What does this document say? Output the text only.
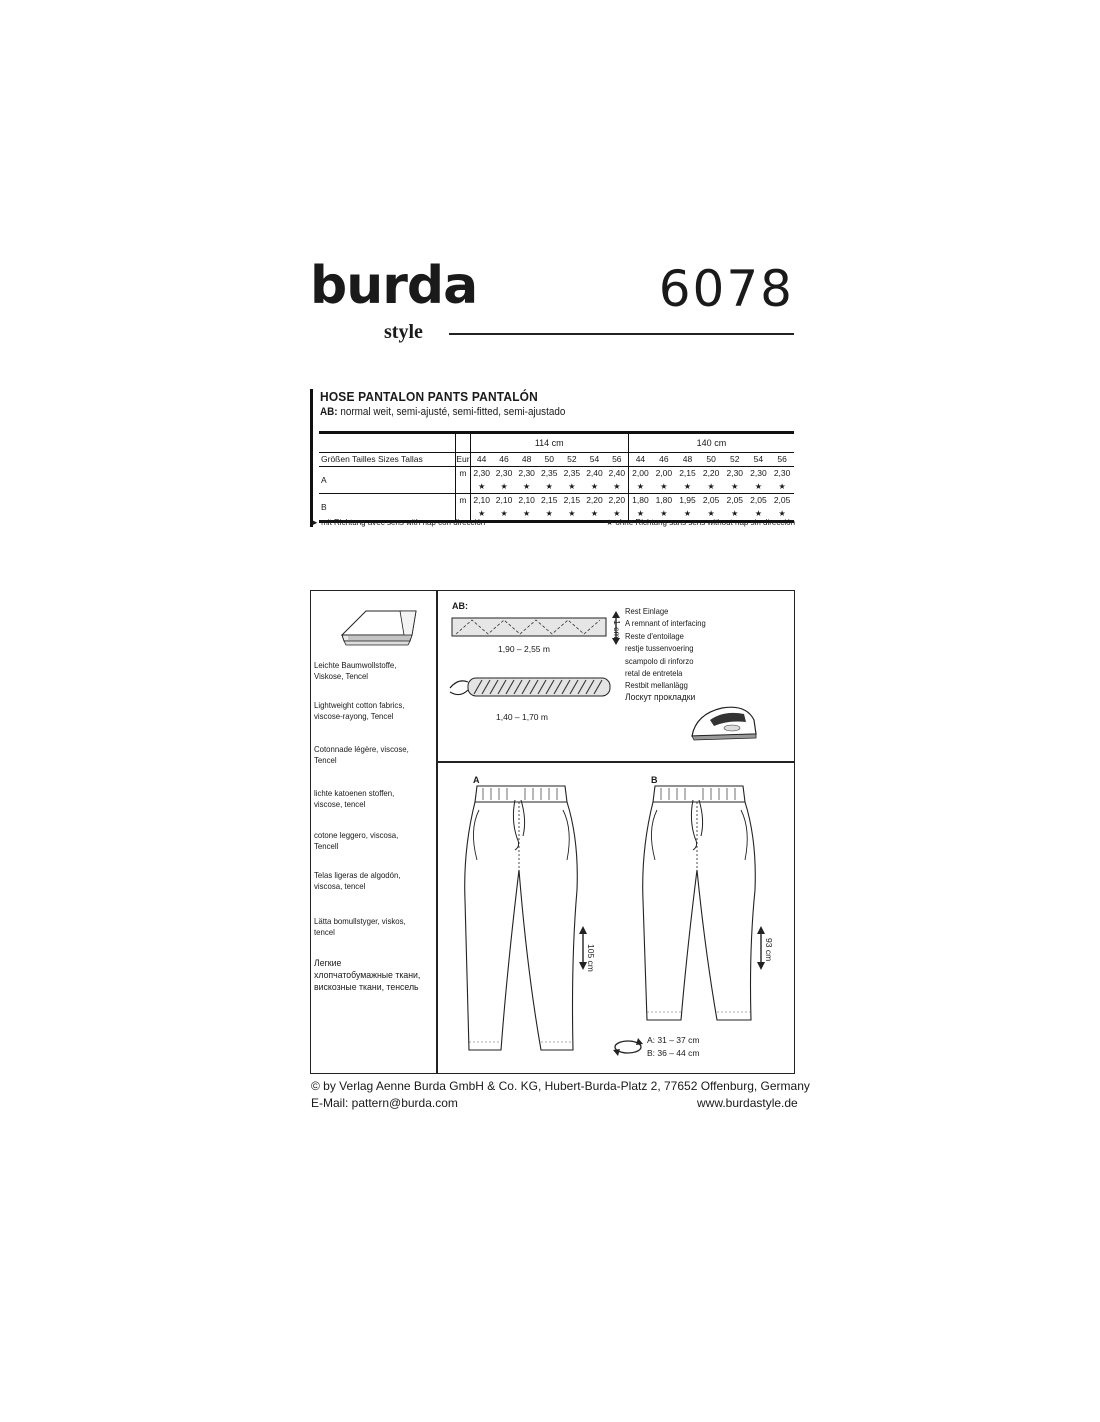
burda
style
6078
HOSE PANTALON PANTS PANTALÓN
AB: normal weit, semi-ajusté, semi-fitted, semi-ajustado
		114 cm							140 cm						
Größen Tailles Sizes Tallas	Eur	44	46	48	50	52	54	56	44	46	48	50	52	54	56
A	m	2,30	2,30	2,30	2,35	2,35	2,40	2,40	2,00	2,00	2,15	2,20	2,30	2,30	2,30
		★	★	★	★	★	★	★	★	★	★	★	★	★	★
B	m	2,10	2,10	2,10	2,15	2,15	2,20	2,20	1,80	1,80	1,95	2,05	2,05	2,05	2,05
		★	★	★	★	★	★	★	★	★	★	★	★	★	★
► mit Richtung avec sens with nap con dirección	★ ohne Richtung sans sens without nap sin dirección
Leichte Baumwollstoffe, Viskose, Tencel
Lightweight cotton fabrics, viscose-rayong, Tencel
Cotonnade légère, viscose, Tencel
lichte katoenen stoffen, viscose, tencel
cotone leggero, viscosa, Tencell
Telas ligeras de algodón, viscosa, tencel
Lätta bomullstyger, viskos, tencel
Легкие хлопчатобумажные ткани, вискозные ткани, тенсель
AB:
1 cm
1,90 – 2,55 m
1,40 – 1,70 m
Rest Einlage
A remnant of interfacing
Reste d'entoilage
restje tussenvoering
scampolo di rinforzo
retal de entretela
Restbit mellanlägg
Лоскут прокладки
A	B
105 cm	93 cm
A: 31 – 37 cm
B: 36 – 44 cm
© by Verlag Aenne Burda GmbH & Co. KG, Hubert-Burda-Platz 2, 77652 Offenburg, Germany
E-Mail: pattern@burda.com	www.burdastyle.de
